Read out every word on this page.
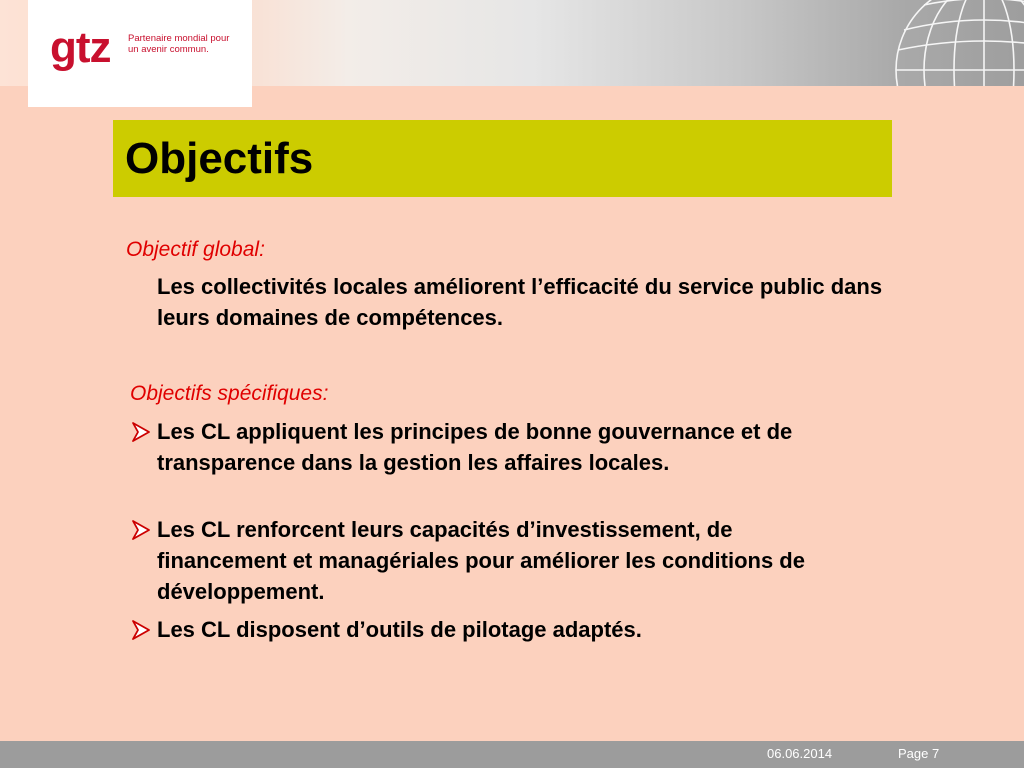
gtz Partenaire mondial pour
un avenir commun.
Objectifs
Objectif global:
Les collectivités locales améliorent l’efficacité du service public dans leurs domaines de compétences.
Objectifs spécifiques:
Les CL appliquent les principes de bonne gouvernance et de transparence dans la gestion les affaires locales.
Les CL renforcent leurs capacités d’investissement, de financement et managériales pour améliorer les conditions de développement.
Les CL disposent d’outils de pilotage adaptés.
06.06.2014	Page 7
